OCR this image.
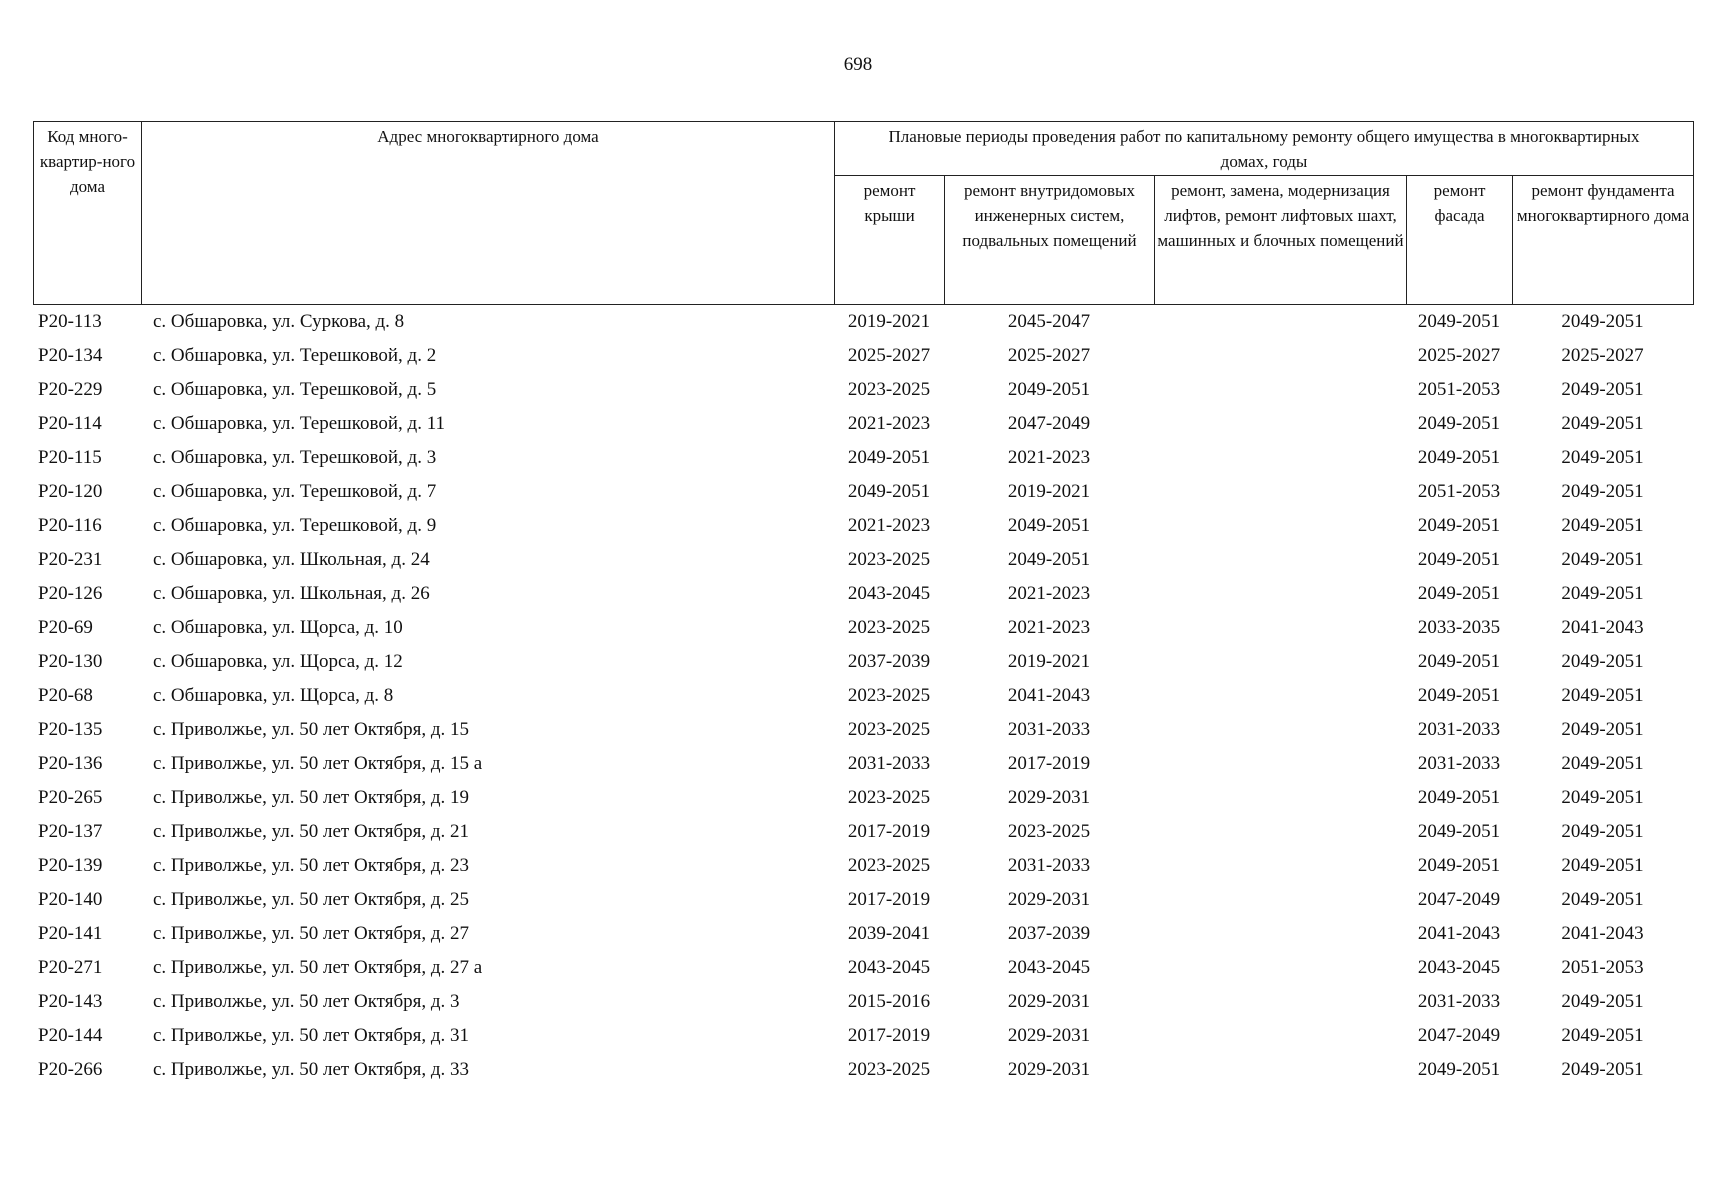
698
Код много-квартир-ного дома	Адрес многоквартирного дома	Плановые периоды проведения работ по капитальному ремонту общего имущества в многоквартирных домах, годы				
		ремонт крыши	ремонт внутридомовых инженерных систем, подвальных помещений	ремонт, замена, модернизация лифтов, ремонт лифтовых шахт, машинных и блочных помещений	ремонт фасада	ремонт фундамента многоквартирного дома
Р20-113	с. Обшаровка, ул. Суркова, д. 8	2019-2021	2045-2047		2049-2051	2049-2051
Р20-134	с. Обшаровка, ул. Терешковой, д. 2	2025-2027	2025-2027		2025-2027	2025-2027
Р20-229	с. Обшаровка, ул. Терешковой, д. 5	2023-2025	2049-2051		2051-2053	2049-2051
Р20-114	с. Обшаровка, ул. Терешковой, д. 11	2021-2023	2047-2049		2049-2051	2049-2051
Р20-115	с. Обшаровка, ул. Терешковой, д. 3	2049-2051	2021-2023		2049-2051	2049-2051
Р20-120	с. Обшаровка, ул. Терешковой, д. 7	2049-2051	2019-2021		2051-2053	2049-2051
Р20-116	с. Обшаровка, ул. Терешковой, д. 9	2021-2023	2049-2051		2049-2051	2049-2051
Р20-231	с. Обшаровка, ул. Школьная, д. 24	2023-2025	2049-2051		2049-2051	2049-2051
Р20-126	с. Обшаровка, ул. Школьная, д. 26	2043-2045	2021-2023		2049-2051	2049-2051
Р20-69	с. Обшаровка, ул. Щорса, д. 10	2023-2025	2021-2023		2033-2035	2041-2043
Р20-130	с. Обшаровка, ул. Щорса, д. 12	2037-2039	2019-2021		2049-2051	2049-2051
Р20-68	с. Обшаровка, ул. Щорса, д. 8	2023-2025	2041-2043		2049-2051	2049-2051
Р20-135	с. Приволжье, ул. 50 лет Октября, д. 15	2023-2025	2031-2033		2031-2033	2049-2051
Р20-136	с. Приволжье, ул. 50 лет Октября, д. 15 а	2031-2033	2017-2019		2031-2033	2049-2051
Р20-265	с. Приволжье, ул. 50 лет Октября, д. 19	2023-2025	2029-2031		2049-2051	2049-2051
Р20-137	с. Приволжье, ул. 50 лет Октября, д. 21	2017-2019	2023-2025		2049-2051	2049-2051
Р20-139	с. Приволжье, ул. 50 лет Октября, д. 23	2023-2025	2031-2033		2049-2051	2049-2051
Р20-140	с. Приволжье, ул. 50 лет Октября, д. 25	2017-2019	2029-2031		2047-2049	2049-2051
Р20-141	с. Приволжье, ул. 50 лет Октября, д. 27	2039-2041	2037-2039		2041-2043	2041-2043
Р20-271	с. Приволжье, ул. 50 лет Октября, д. 27 а	2043-2045	2043-2045		2043-2045	2051-2053
Р20-143	с. Приволжье, ул. 50 лет Октября, д. 3	2015-2016	2029-2031		2031-2033	2049-2051
Р20-144	с. Приволжье, ул. 50 лет Октября, д. 31	2017-2019	2029-2031		2047-2049	2049-2051
Р20-266	с. Приволжье, ул. 50 лет Октября, д. 33	2023-2025	2029-2031		2049-2051	2049-2051
